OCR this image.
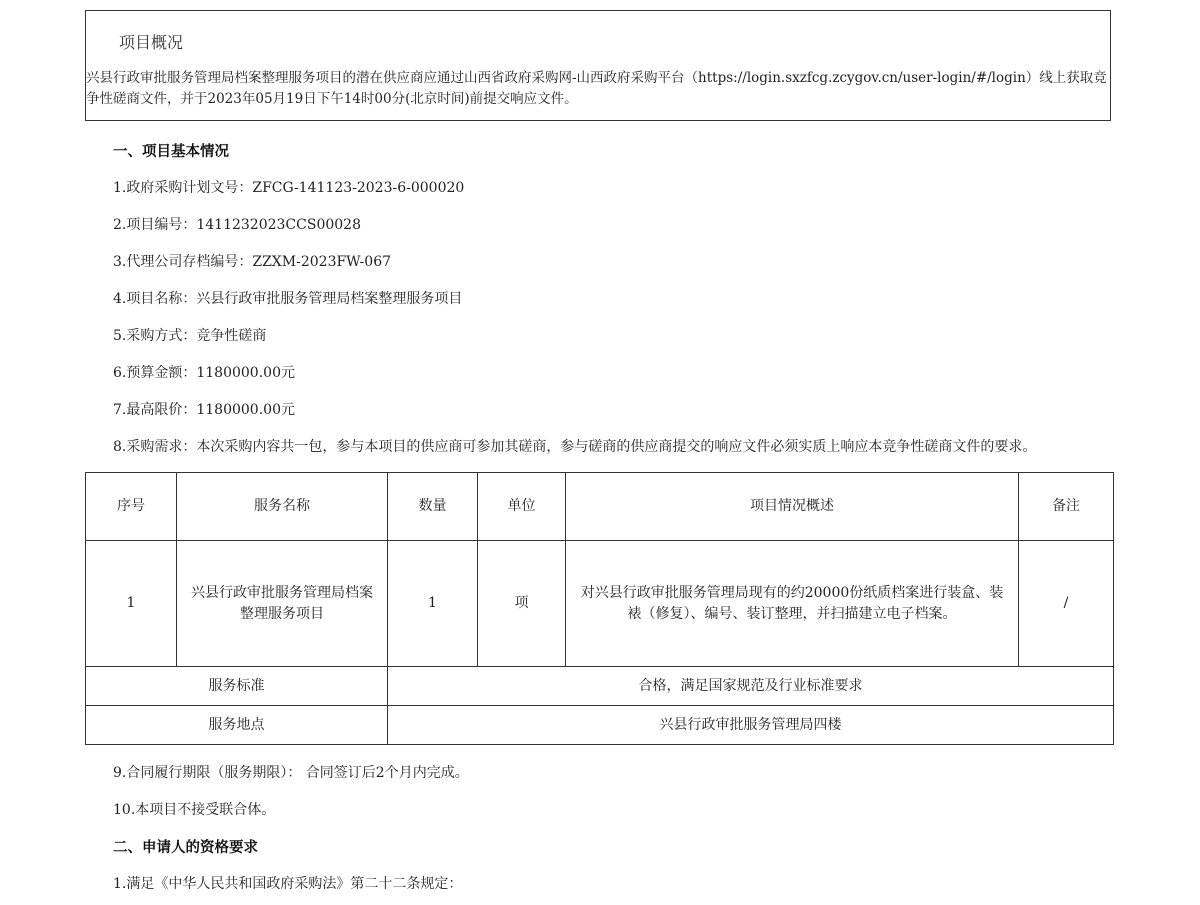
项目概况
兴县行政审批服务管理局档案整理服务项目的潜在供应商应通过山西省政府采购网-山西政府采购平台（https://login.sxzfcg.zcygov.cn/user-login/#/login）线上获取竞争性磋商文件，并于2023年05月19日下午14时00分(北京时间)前提交响应文件。
一、项目基本情况
1.政府采购计划文号：ZFCG-141123-2023-6-000020
2.项目编号：1411232023CCS00028
3.代理公司存档编号：ZZXM-2023FW-067
4.项目名称：兴县行政审批服务管理局档案整理服务项目
5.采购方式：竞争性磋商
6.预算金额：1180000.00元
7.最高限价：1180000.00元
8.采购需求：本次采购内容共一包，参与本项目的供应商可参加其磋商，参与磋商的供应商提交的响应文件必须实质上响应本竞争性磋商文件的要求。
序号	服务名称	数量	单位	项目情况概述	备注
1	兴县行政审批服务管理局档案整理服务项目	1	项	对兴县行政审批服务管理局现有的约20000份纸质档案进行装盒、装裱（修复）、编号、装订整理，并扫描建立电子档案。	/
服务标准		合格，满足国家规范及行业标准要求			
服务地点		兴县行政审批服务管理局四楼			
9.合同履行期限（服务期限）： 合同签订后2个月内完成。
10.本项目不接受联合体。
二、申请人的资格要求
1.满足《中华人民共和国政府采购法》第二十二条规定：
